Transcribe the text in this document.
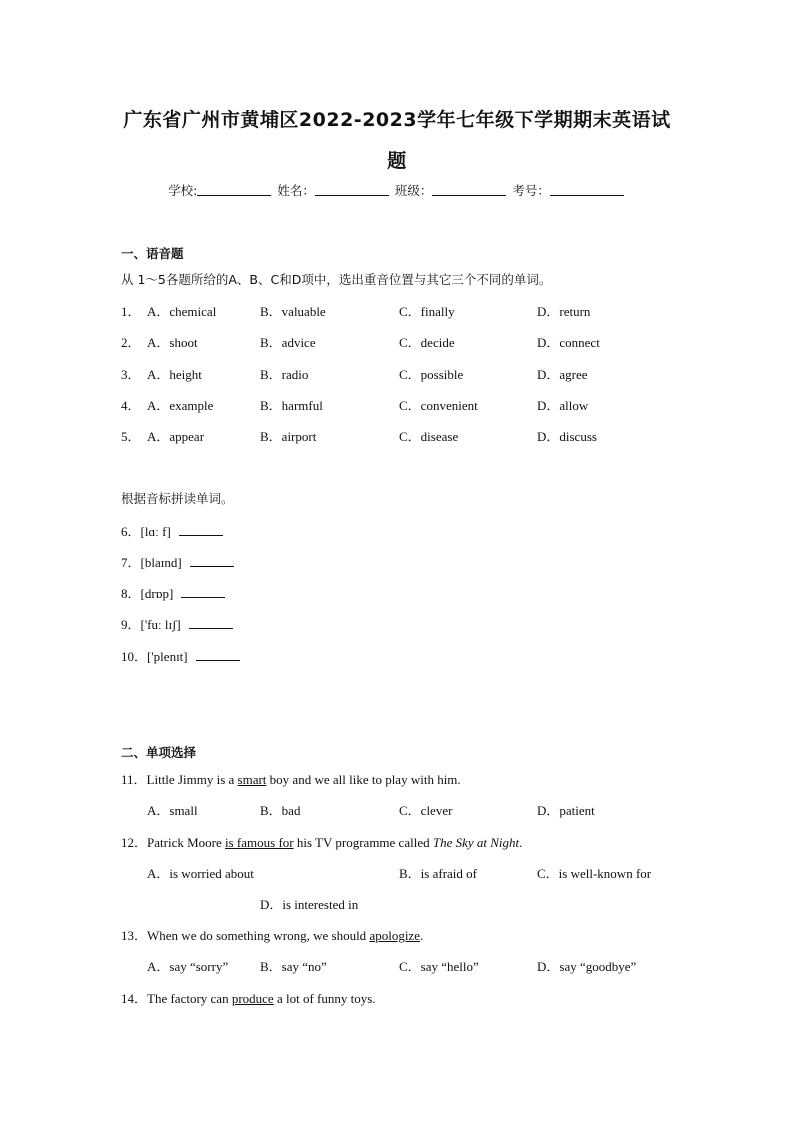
广东省广州市黄埔区2022-2023学年七年级下学期期末英语试
题
学校:	姓名：	班级：	考号：
一、语音题
从 1～5各题所给的A、B、C和D项中，选出重音位置与其它三个不同的单词。
1． A．chemical	B．valuable	C．finally	D．return
2． A．shoot	B．advice	C．decide	D．connect
3． A．height	B．radio	C．possible	D．agree
4． A．example	B．harmful	C．convenient	D．allow
5． A．appear	B．airport	C．disease	D．discuss
根据音标拼读单词。
6．[lɑː f]
7．[blaɪnd]
8．[drɒp]
9．['fuː lɪʃ]
10．['plenɪt]
二、单项选择
11．Little Jimmy is a smart boy and we all like to play with him.
A．small	B．bad	C．clever	D．patient
12．Patrick Moore is famous for his TV programme called The Sky at Night.
A．is worried about	B．is afraid of	C．is well-known for
D．is interested in
13．When we do something wrong, we should apologize.
A．say “sorry” B．say “no”	C．say “hello”	D．say “goodbye”
14．The factory can produce a lot of funny toys.
